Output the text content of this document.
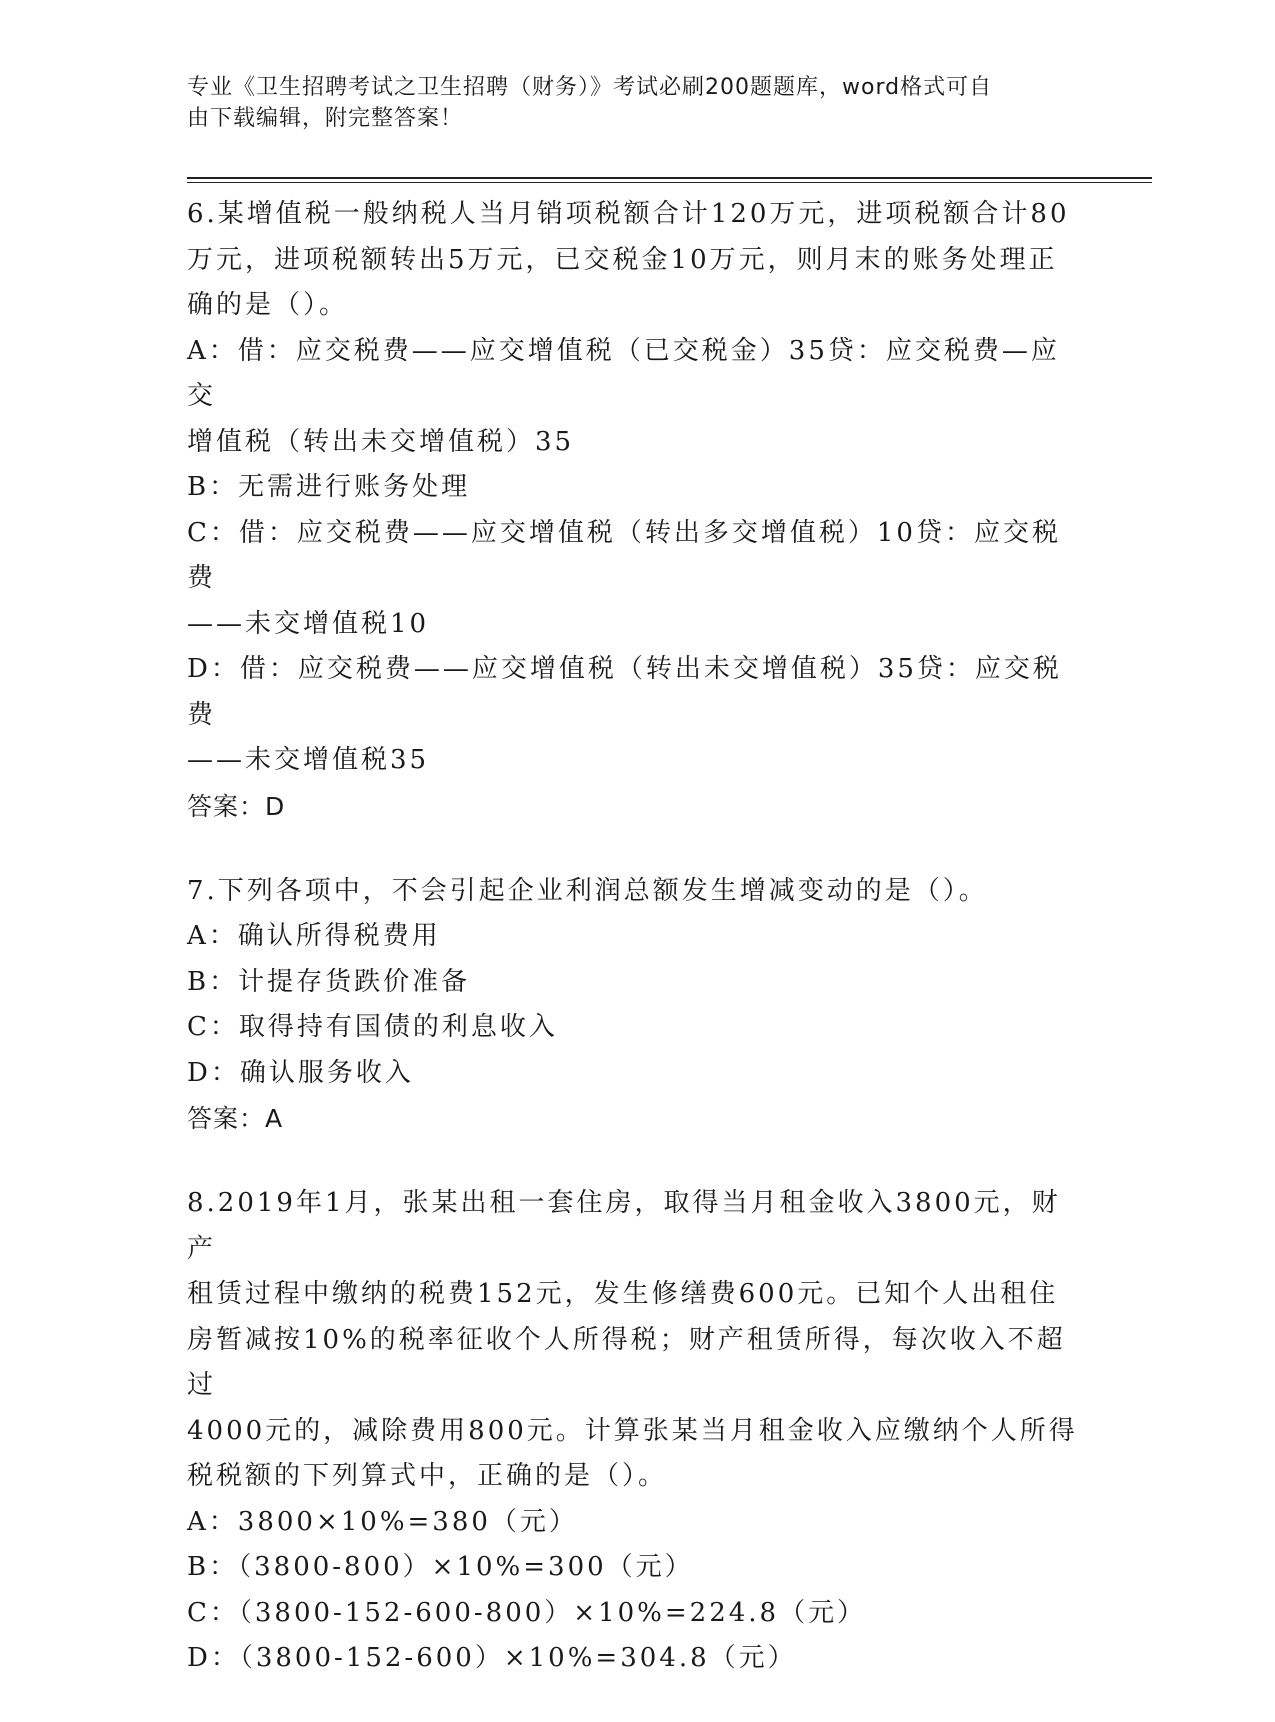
专业《卫生招聘考试之卫生招聘（财务）》考试必刷200题题库，word格式可自
由下载编辑，附完整答案！
6.某增值税一般纳税人当月销项税额合计120万元，进项税额合计80
万元，进项税额转出5万元，已交税金10万元，则月末的账务处理正
确的是（）。
A：借：应交税费——应交增值税（已交税金）35贷：应交税费—应交
增值税（转出未交增值税）35
B：无需进行账务处理
C：借：应交税费——应交增值税（转出多交增值税）10贷：应交税费
——未交增值税10
D：借：应交税费——应交增值税（转出未交增值税）35贷：应交税费
——未交增值税35
答案：D
7.下列各项中，不会引起企业利润总额发生增减变动的是（）。
A：确认所得税费用
B：计提存货跌价准备
C：取得持有国债的利息收入
D：确认服务收入
答案：A
8.2019年1月，张某出租一套住房，取得当月租金收入3800元，财产
租赁过程中缴纳的税费152元，发生修缮费600元。已知个人出租住
房暂减按10%的税率征收个人所得税；财产租赁所得，每次收入不超过
4000元的，减除费用800元。计算张某当月租金收入应缴纳个人所得
税税额的下列算式中，正确的是（）。
A：3800×10%=380（元）
B：（3800-800）×10%=300（元）
C：（3800-152-600-800）×10%=224.8（元）
D：（3800-152-600）×10%=304.8（元）
